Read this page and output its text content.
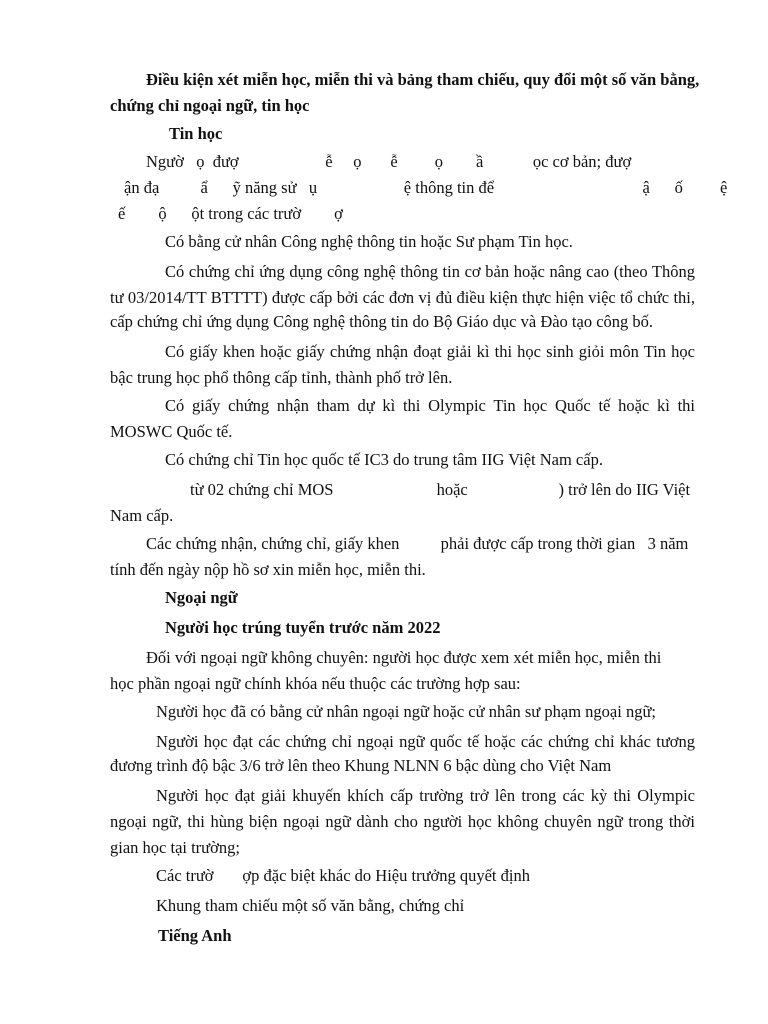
Điều kiện xét miễn học, miễn thi và bảng tham chiếu, quy đổi một số văn bằng,
chứng chỉ ngoại ngữ, tin học
Tin học
Ngườ   ọ  đượ                     ễ     ọ       ễ         ọ        ầ            ọc cơ bản; đượ
ận đạ          ẩ      ỹ năng sử   ụ                     ệ thông tin để                                    ậ      ố         ệ
ế        ộ      ột trong các trườ        ợ
Có bằng cử nhân Công nghệ thông tin hoặc Sư phạm Tin học.
Có chứng chỉ ứng dụng công nghệ thông tin cơ bản hoặc nâng cao (theo Thông
tư 03/2014/TT BTTTT) được cấp bởi các đơn vị đủ điều kiện thực hiện việc tổ chức thi,
cấp chứng chỉ ứng dụng Công nghệ thông tin do Bộ Giáo dục và Đào tạo công bố.
Có giấy khen hoặc giấy chứng nhận đoạt giải kì thi học sinh giỏi môn Tin học
bậc trung học phổ thông cấp tỉnh, thành phố trở lên.
Có giấy chứng nhận tham dự kì thi Olympic Tin học Quốc tế hoặc kì thi
MOSWC Quốc tế.
Có chứng chỉ Tin học quốc tế IC3 do trung tâm IIG Việt Nam cấp.
từ 02 chứng chỉ MOS                         hoặc                      ) trở lên do IIG Việt
Nam cấp.
Các chứng nhận, chứng chỉ, giấy khen          phải được cấp trong thời gian   3 năm
tính đến ngày nộp hồ sơ xin miễn học, miễn thi.
Ngoại ngữ
Người học trúng tuyển trước năm 2022
Đối với ngoại ngữ không chuyên: người học được xem xét miễn học, miễn thi
học phần ngoại ngữ chính khóa nếu thuộc các trường hợp sau:
Người học đã có bằng cử nhân ngoại ngữ hoặc cử nhân sư phạm ngoại ngữ;
Người học đạt các chứng chỉ ngoại ngữ quốc tế hoặc các chứng chỉ khác tương
đương trình độ bậc 3/6 trở lên theo Khung NLNN 6 bậc dùng cho Việt Nam
Người học đạt giải khuyến khích cấp trường trở lên trong các kỳ thi Olympic
ngoại ngữ, thi hùng biện ngoại ngữ dành cho người học không chuyên ngữ trong thời
gian học tại trường;
Các trườ       ợp đặc biệt khác do Hiệu trưởng quyết định
Khung tham chiếu một số văn bằng, chứng chỉ
Tiếng Anh
